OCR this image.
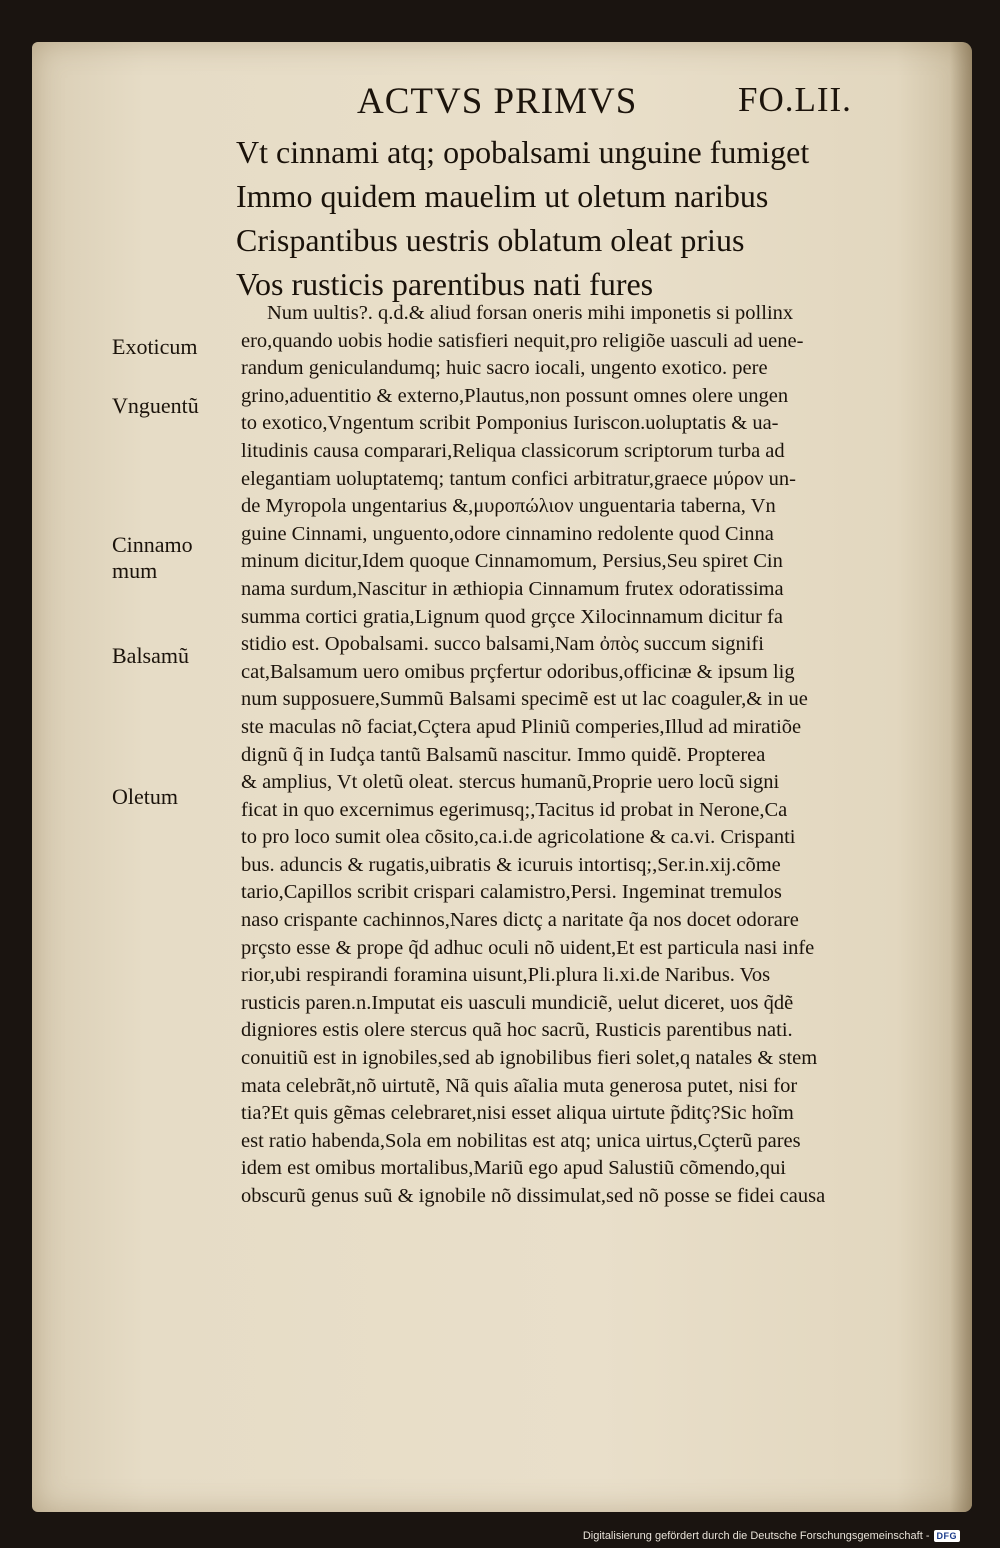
ACTVS PRIMVS	FO.LII.
Vt cinnami atq; opobalsami unguine fumiget
Immo quidem mauelim ut oletum naribus
Crispantibus uestris oblatum oleat prius
Vos rusticis parentibus nati fures
Num uultis?. q.d.& aliud forsan oneris mihi imponetis si pollinx
ero,quando uobis hodie satisfieri nequit,pro religiõe uasculi ad uene-
randum geniculandumq; huic sacro iocali, ungento exotico. pere
grino,aduentitio & externo,Plautus,non possunt omnes olere ungen
to exotico,Vngentum scribit Pomponius Iuriscon.uoluptatis & ua-
litudinis causa comparari,Reliqua classicorum scriptorum turba ad
elegantiam uoluptatemq; tantum confici arbitratur,graece μύρον un-
de Myropola ungentarius &,μυροπώλιον unguentaria taberna, Vn
guine Cinnami, unguento,odore cinnamino redolente quod Cinna
minum dicitur,Idem quoque Cinnamomum, Persius,Seu spiret Cin
nama surdum,Nascitur in æthiopia Cinnamum frutex odoratissima
summa cortici gratia,Lignum quod grçce Xilocinnamum dicitur fa
stidio est. Opobalsami. succo balsami,Nam ὀπὸς succum signifi
cat,Balsamum uero omibus prçfertur odoribus,officinæ & ipsum lig
num supposuere,Summũ Balsami specimẽ est ut lac coaguler,& in ue
ste maculas nõ faciat,Cçtera apud Pliniũ comperies,Illud ad miratiõe
dignũ q̃ in Iudça tantũ Balsamũ nascitur. Immo quidẽ. Propterea
& amplius, Vt oletũ oleat. stercus humanũ,Proprie uero locũ signi
ficat in quo excernimus egerimusq;,Tacitus id probat in Nerone,Ca
to pro loco sumit olea cõsito,ca.i.de agricolatione & ca.vi. Crispanti
bus. aduncis & rugatis,uibratis & icuruis intortisq;,Ser.in.xij.cõme
tario,Capillos scribit crispari calamistro,Persi. Ingeminat tremulos
naso crispante cachinnos,Nares dictç a naritate q̃a nos docet odorare
prçsto esse & prope q̃d adhuc oculi nõ uident,Et est particula nasi infe
rior,ubi respirandi foramina uisunt,Pli.plura li.xi.de Naribus. Vos
rusticis paren.n.Imputat eis uasculi mundiciẽ, uelut diceret, uos q̃dẽ
digniores estis olere stercus quã hoc sacrũ, Rusticis parentibus nati.
conuitiũ est in ignobiles,sed ab ignobilibus fieri solet,q natales & stem
mata celebrãt,nõ uirtutẽ, Nã quis aĩalia muta generosa putet, nisi for
tia?Et quis gẽmas celebraret,nisi esset aliqua uirtute p̃ditç?Sic hoĩm
est ratio habenda,Sola em nobilitas est atq; unica uirtus,Cçterũ pares
idem est omibus mortalibus,Mariũ ego apud Salustiũ cõmendo,qui
obscurũ genus suũ & ignobile nõ dissimulat,sed nõ posse se fidei causa
Exoticum
Vnguentũ
Cinnamo mum
Balsamũ
Oletum
Digitalisierung gefördert durch die Deutsche Forschungsgemeinschaft - DFG
